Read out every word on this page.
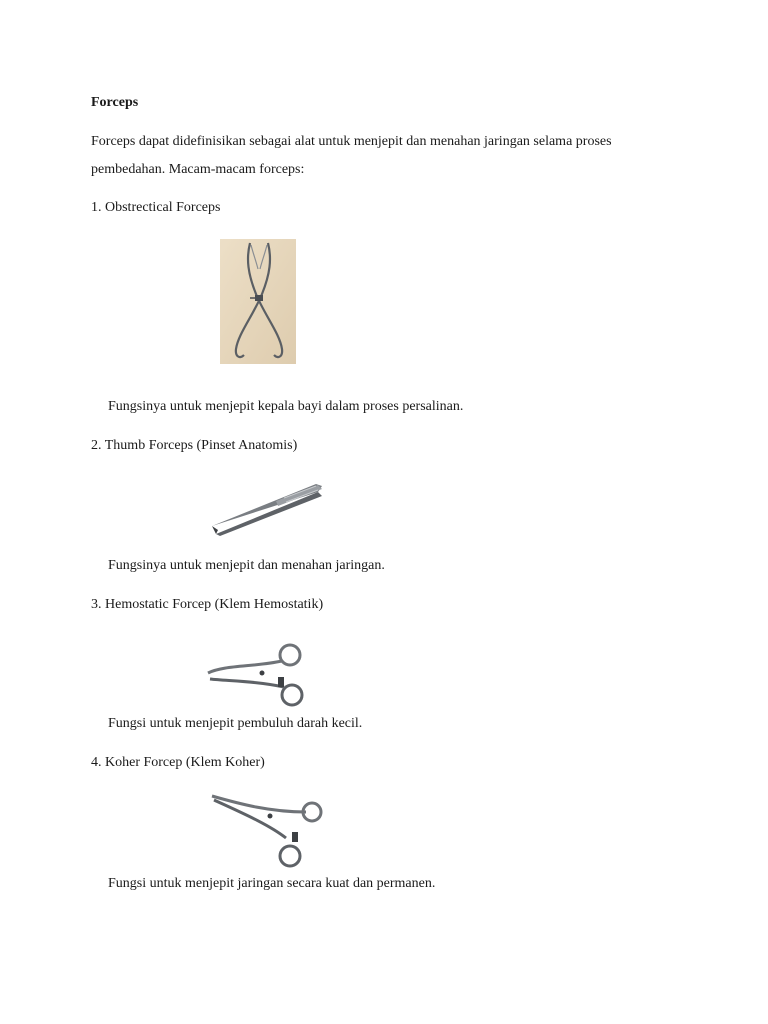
Forceps

Forceps dapat didefinisikan sebagai alat untuk menjepit dan menahan jaringan selama proses

pembedahan. Macam-macam forceps:

1. Obstrectical Forceps

Fungsinya untuk menjepit kepala bayi dalam proses persalinan.

2. Thumb Forceps (Pinset Anatomis)

Fungsinya untuk menjepit dan menahan jaringan.

3. Hemostatic Forcep (Klem Hemostatik)

Fungsi untuk menjepit pembuluh darah kecil.

4. Koher Forcep (Klem Koher)

Fungsi untuk menjepit jaringan secara kuat dan permanen.
